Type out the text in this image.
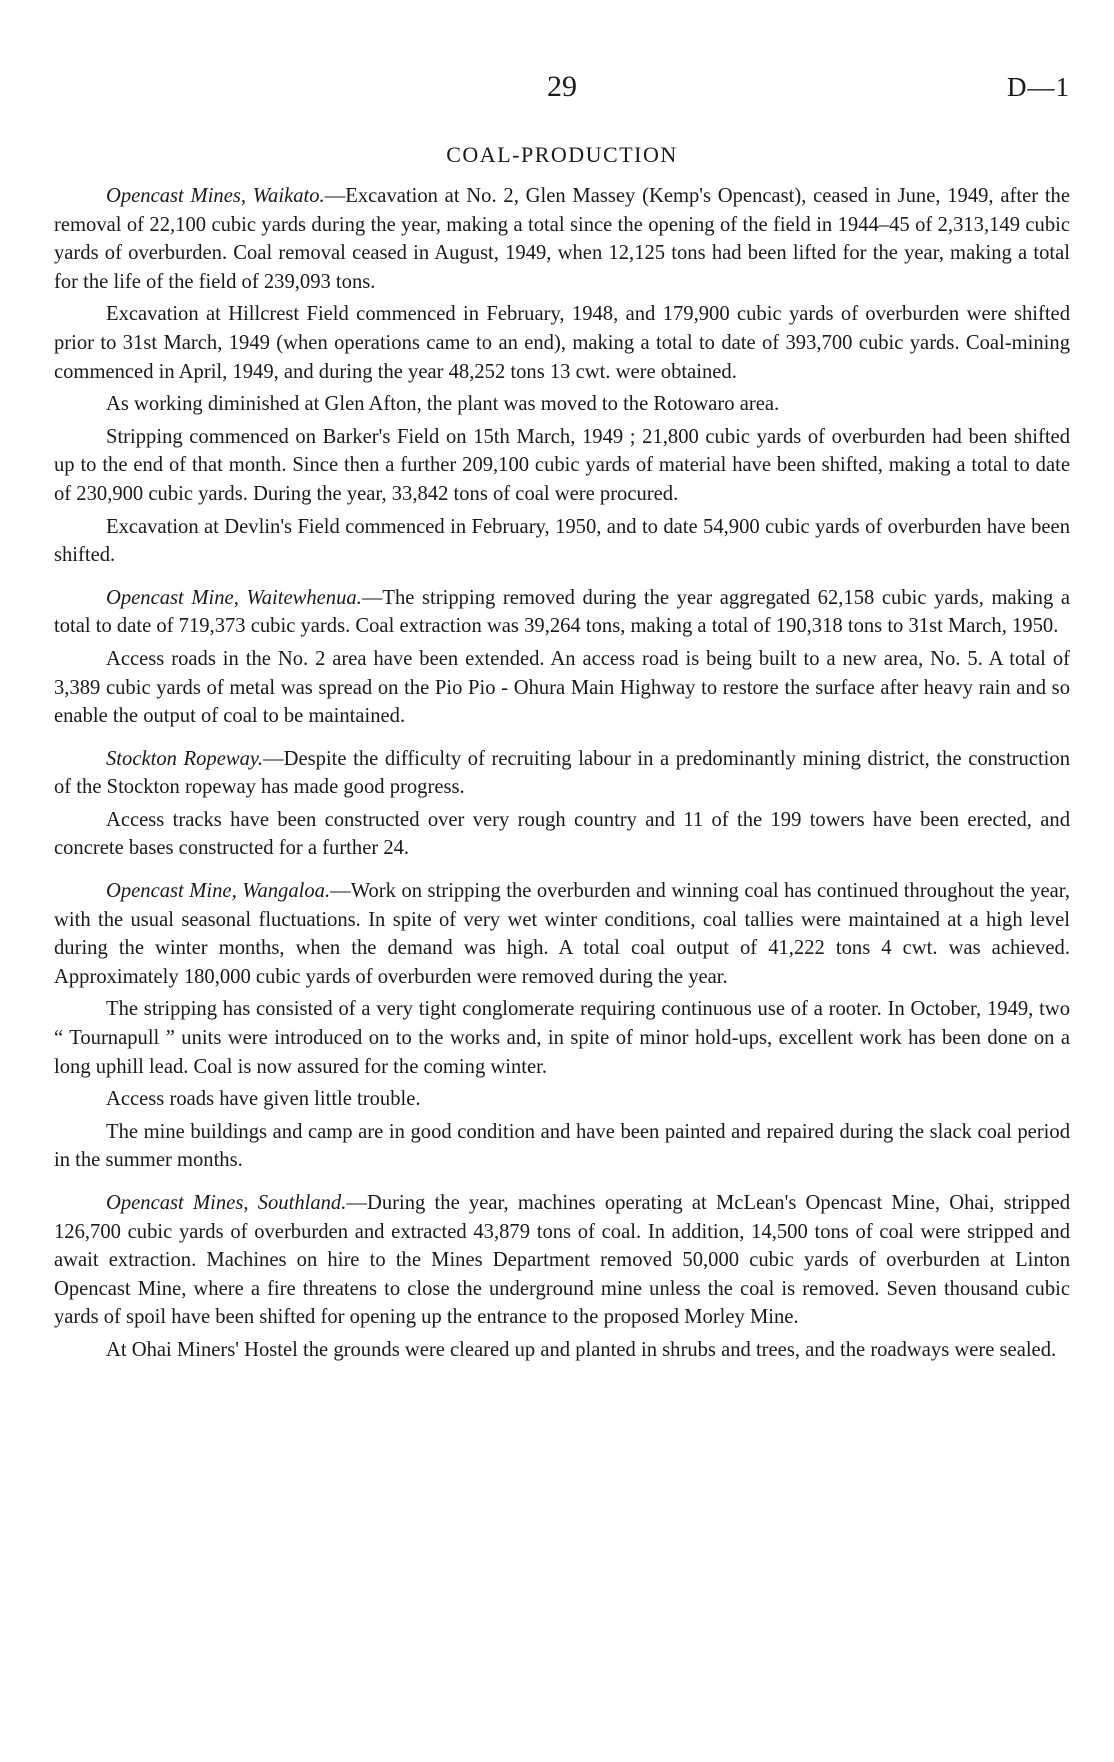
29	D—1
COAL-PRODUCTION

Opencast Mines, Waikato.—Excavation at No. 2, Glen Massey (Kemp's Opencast), ceased in June, 1949, after the removal of 22,100 cubic yards during the year, making a total since the opening of the field in 1944–45 of 2,313,149 cubic yards of overburden. Coal removal ceased in August, 1949, when 12,125 tons had been lifted for the year, making a total for the life of the field of 239,093 tons.

Excavation at Hillcrest Field commenced in February, 1948, and 179,900 cubic yards of overburden were shifted prior to 31st March, 1949 (when operations came to an end), making a total to date of 393,700 cubic yards. Coal-mining commenced in April, 1949, and during the year 48,252 tons 13 cwt. were obtained.

As working diminished at Glen Afton, the plant was moved to the Rotowaro area.

Stripping commenced on Barker's Field on 15th March, 1949 ; 21,800 cubic yards of overburden had been shifted up to the end of that month. Since then a further 209,100 cubic yards of material have been shifted, making a total to date of 230,900 cubic yards. During the year, 33,842 tons of coal were procured.

Excavation at Devlin's Field commenced in February, 1950, and to date 54,900 cubic yards of overburden have been shifted.

Opencast Mine, Waitewhenua.—The stripping removed during the year aggregated 62,158 cubic yards, making a total to date of 719,373 cubic yards. Coal extraction was 39,264 tons, making a total of 190,318 tons to 31st March, 1950.

Access roads in the No. 2 area have been extended. An access road is being built to a new area, No. 5. A total of 3,389 cubic yards of metal was spread on the Pio Pio - Ohura Main Highway to restore the surface after heavy rain and so enable the output of coal to be maintained.

Stockton Ropeway.—Despite the difficulty of recruiting labour in a predominantly mining district, the construction of the Stockton ropeway has made good progress.

Access tracks have been constructed over very rough country and 11 of the 199 towers have been erected, and concrete bases constructed for a further 24.

Opencast Mine, Wangaloa.—Work on stripping the overburden and winning coal has continued throughout the year, with the usual seasonal fluctuations. In spite of very wet winter conditions, coal tallies were maintained at a high level during the winter months, when the demand was high. A total coal output of 41,222 tons 4 cwt. was achieved. Approximately 180,000 cubic yards of overburden were removed during the year.

The stripping has consisted of a very tight conglomerate requiring continuous use of a rooter. In October, 1949, two “ Tournapull ” units were introduced on to the works and, in spite of minor hold-ups, excellent work has been done on a long uphill lead. Coal is now assured for the coming winter.

Access roads have given little trouble.

The mine buildings and camp are in good condition and have been painted and repaired during the slack coal period in the summer months.

Opencast Mines, Southland.—During the year, machines operating at McLean's Opencast Mine, Ohai, stripped 126,700 cubic yards of overburden and extracted 43,879 tons of coal. In addition, 14,500 tons of coal were stripped and await extraction. Machines on hire to the Mines Department removed 50,000 cubic yards of overburden at Linton Opencast Mine, where a fire threatens to close the underground mine unless the coal is removed. Seven thousand cubic yards of spoil have been shifted for opening up the entrance to the proposed Morley Mine.

At Ohai Miners' Hostel the grounds were cleared up and planted in shrubs and trees, and the roadways were sealed.
